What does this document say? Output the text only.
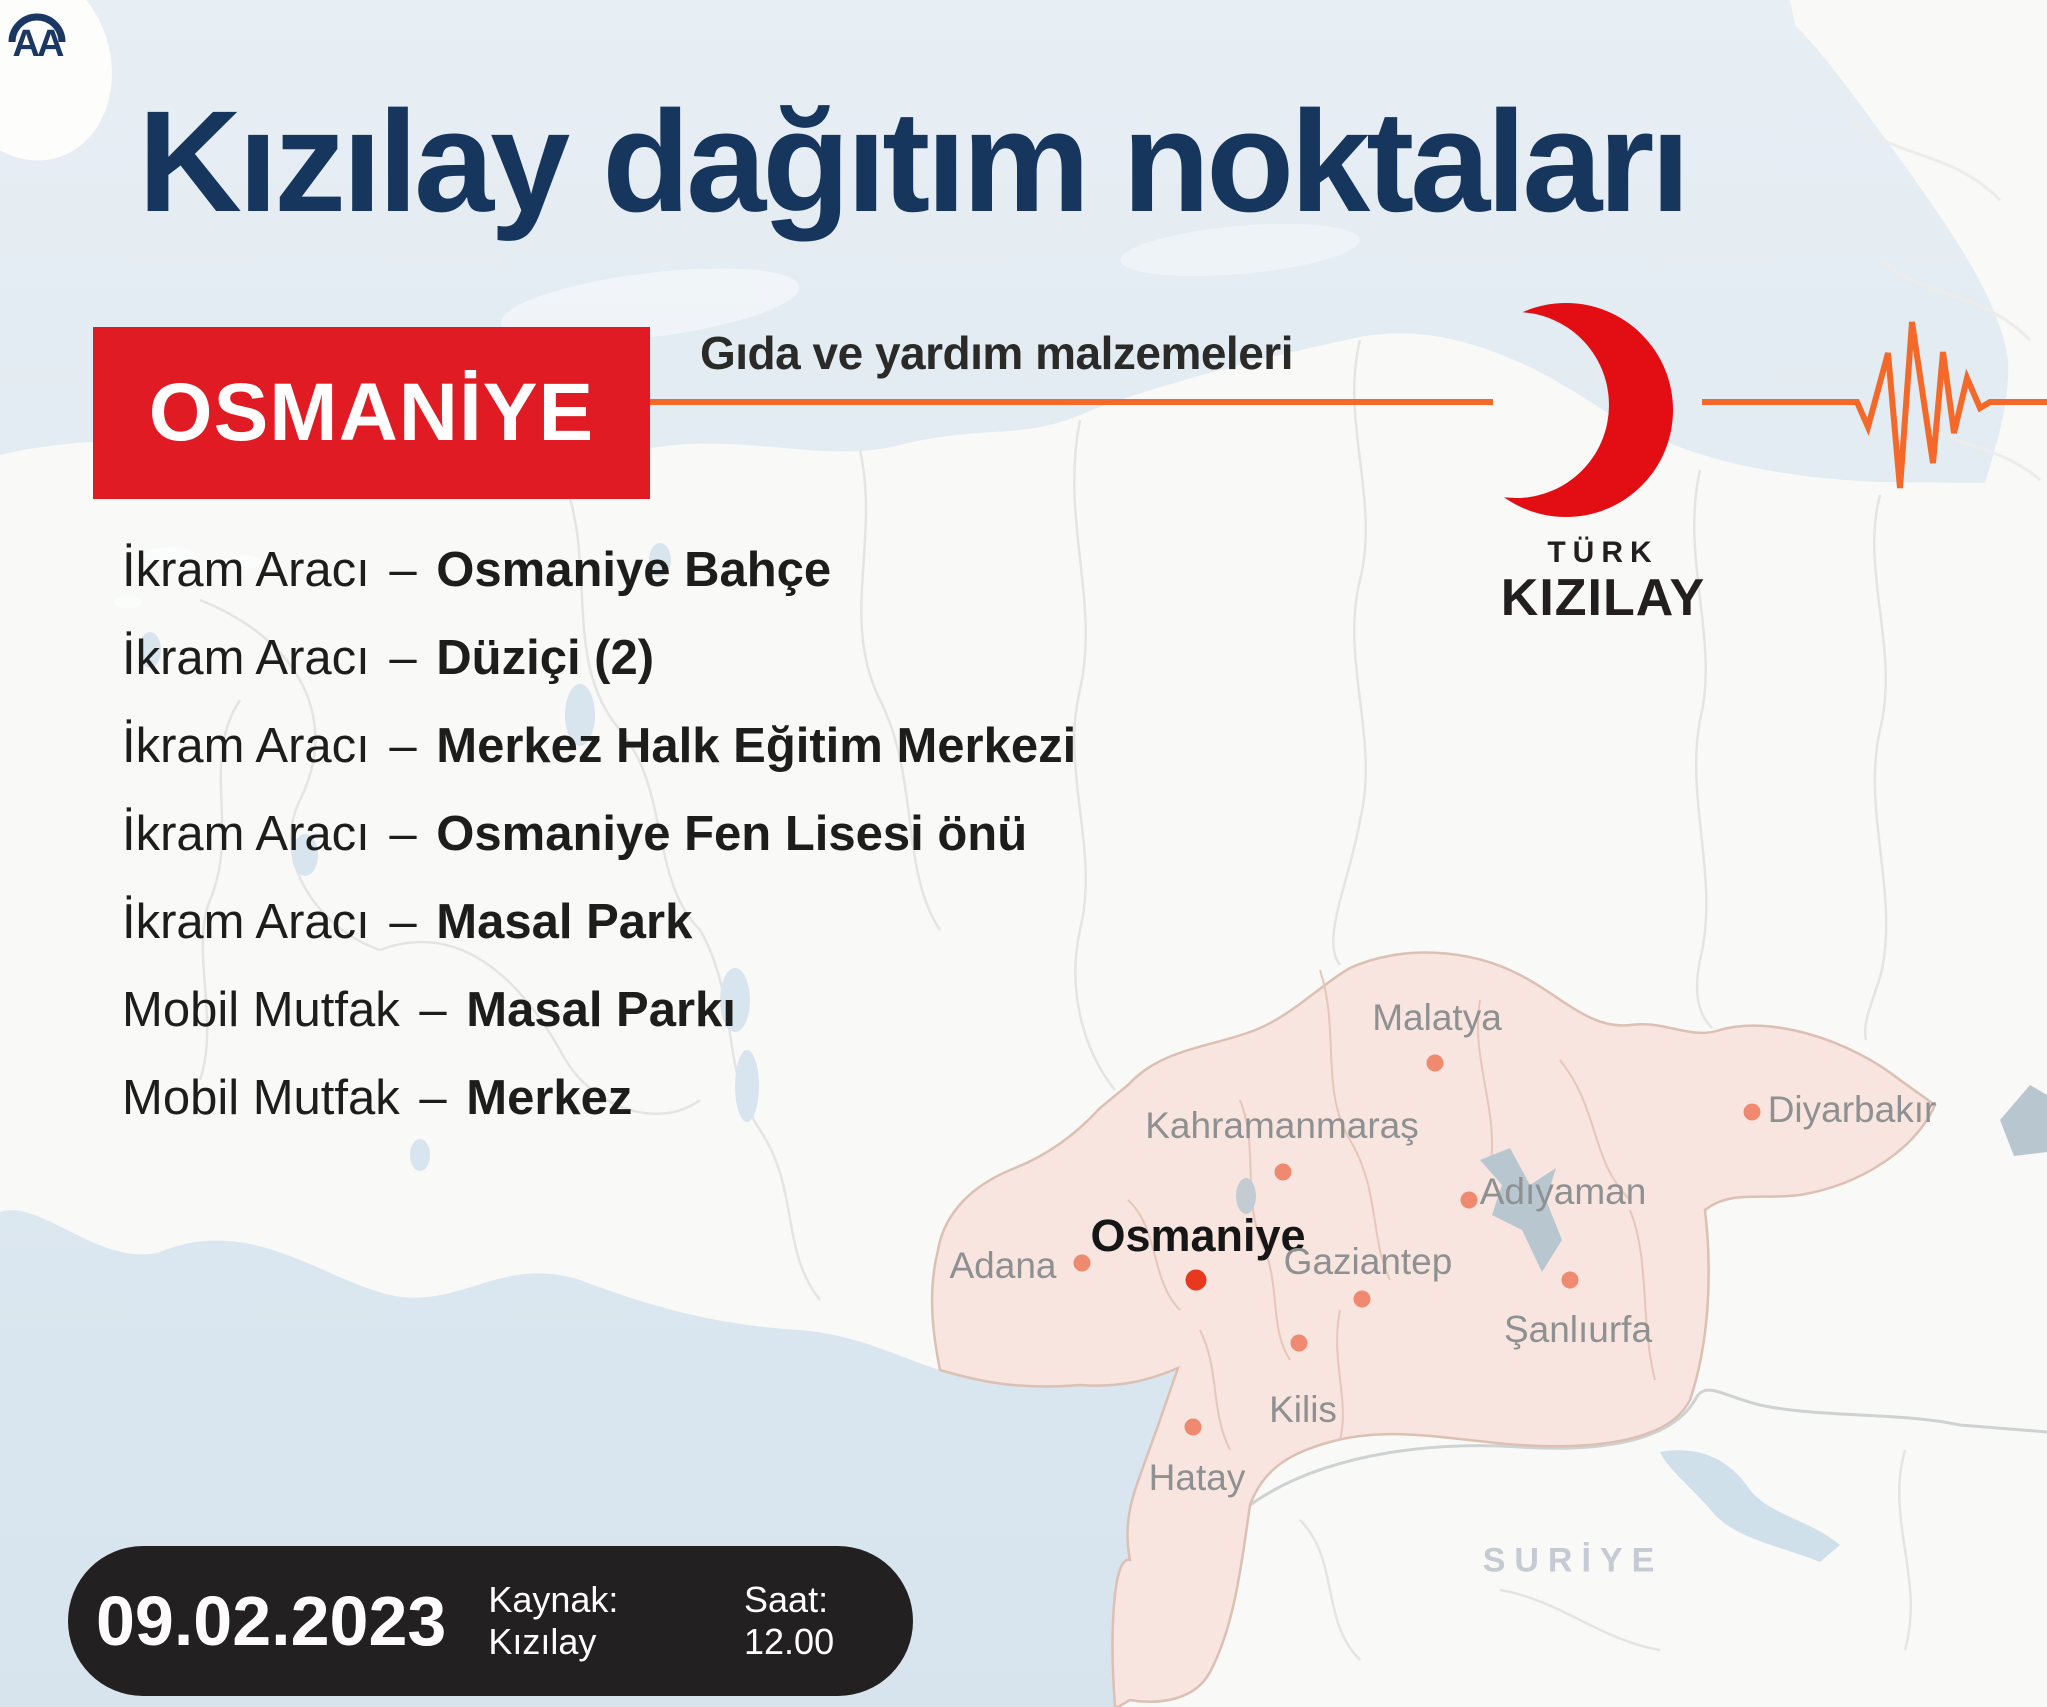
Malatya
Kahramanmaraş
Adıyaman
Diyarbakır
Şanlıurfa
Adana
Osmaniye
Gaziantep
Kilis
Hatay
SURİYE
Kızılay dağıtım noktaları
OSMANİYE
Gıda ve yardım malzemeleri
TÜRK
KIZILAY
İkram Aracı – Osmaniye Bahçe
İkram Aracı – Düziçi (2)
İkram Aracı – Merkez Halk Eğitim Merkezi
İkram Aracı – Osmaniye Fen Lisesi önü
İkram Aracı – Masal Park
Mobil Mutfak – Masal Parkı
Mobil Mutfak – Merkez
09.02.2023 Kaynak: Kızılay
Saat: 12.00
AA
